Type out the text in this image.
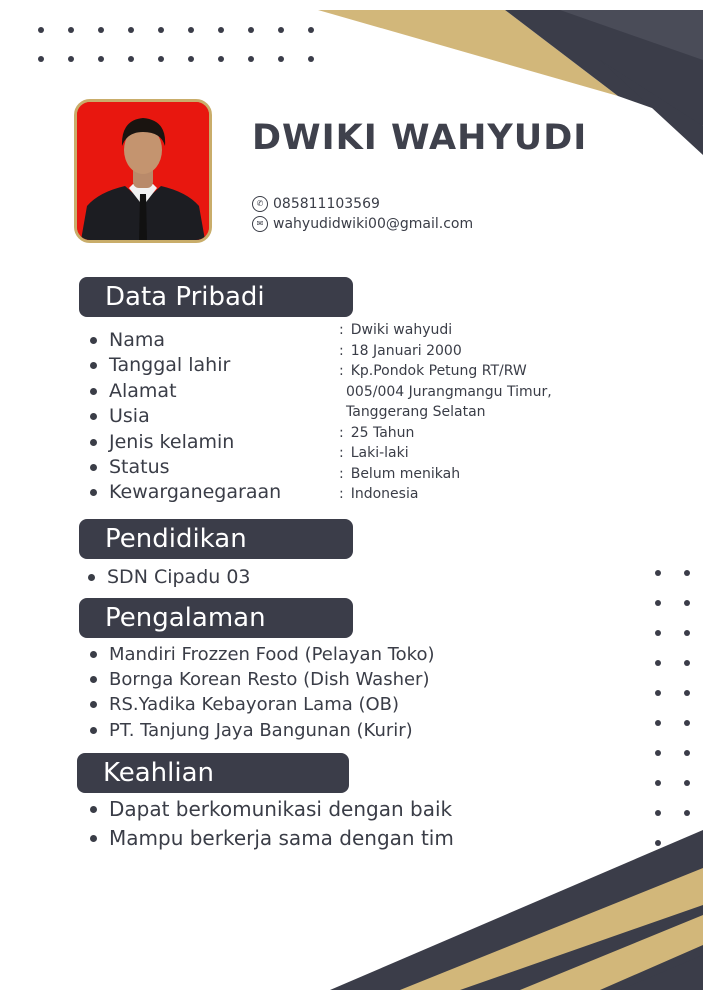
DWIKI WAHYUDI
✆ 085811103569
✉ wahyudidwiki00@gmail.com
Data Pribadi
Nama
Tanggal lahir
Alamat
Usia
Jenis kelamin
Status
Kewarganegaraan
: Dwiki wahyudi
: 18 Januari 2000
: Kp.Pondok Petung RT/RW
005/004 Jurangmangu Timur,
Tanggerang Selatan
: 25 Tahun
: Laki-laki
: Belum menikah
: Indonesia
Pendidikan
SDN Cipadu 03
Pengalaman
Mandiri Frozzen Food (Pelayan Toko)
Bornga Korean Resto (Dish Washer)
RS.Yadika Kebayoran Lama (OB)
PT. Tanjung Jaya Bangunan (Kurir)
Keahlian
Dapat berkomunikasi dengan baik
Mampu berkerja sama dengan tim
